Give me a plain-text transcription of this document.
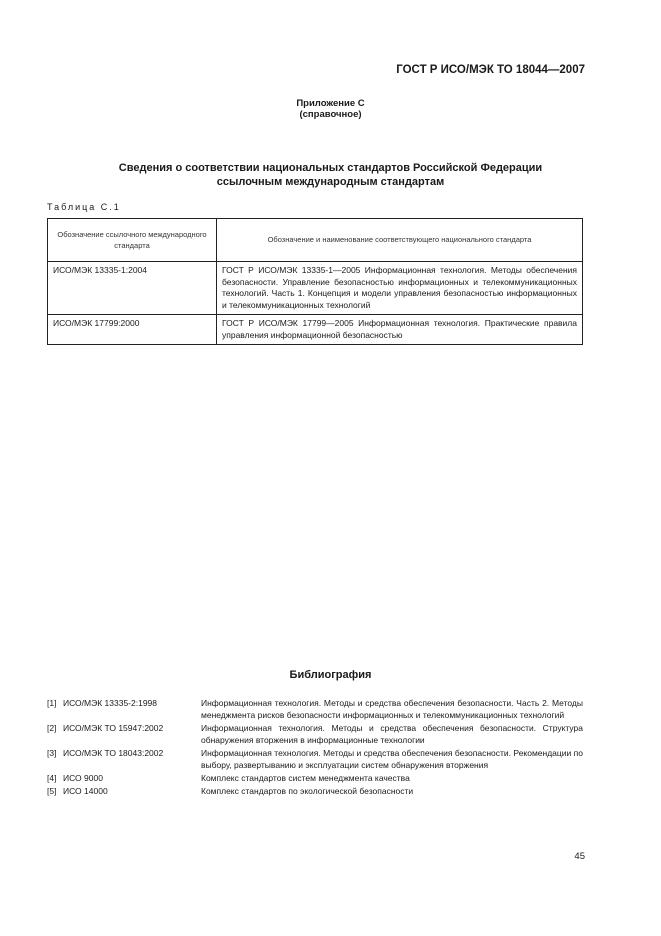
ГОСТ Р ИСО/МЭК ТО 18044—2007
Приложение С
(справочное)
Сведения о соответствии национальных стандартов Российской Федерации
ссылочным международным стандартам
Таблица С.1
Обозначение ссылочного международного стандарта	Обозначение и наименование соответствующего национального стандарта
ИСО/МЭК 13335-1:2004	ГОСТ Р ИСО/МЭК 13335-1—2005 Информационная технология. Методы обеспечения безопасности. Управление безопасностью информационных и телекоммуникационных технологий. Часть 1. Концепция и модели управления безопасностью информационных и телекоммуникационных технологий
ИСО/МЭК 17799:2000	ГОСТ Р ИСО/МЭК 17799—2005 Информационная технология. Практические правила управления информационной безопасностью
Библиография
[1] ИСО/МЭК 13335-2:1998	Информационная технология. Методы и средства обеспечения безопасности. Часть 2. Методы менеджмента рисков безопасности информационных и телекоммуникационных технологий
[2] ИСО/МЭК ТО 15947:2002	Информационная технология. Методы и средства обеспечения безопасности. Структура обнаружения вторжения в информационные технологии
[3] ИСО/МЭК ТО 18043:2002	Информационная технология. Методы и средства обеспечения безопасности. Рекомендации по выбору, развертыванию и эксплуатации систем обнаружения вторжения
[4] ИСО 9000	Комплекс стандартов систем менеджмента качества
[5] ИСО 14000	Комплекс стандартов по экологической безопасности
45
